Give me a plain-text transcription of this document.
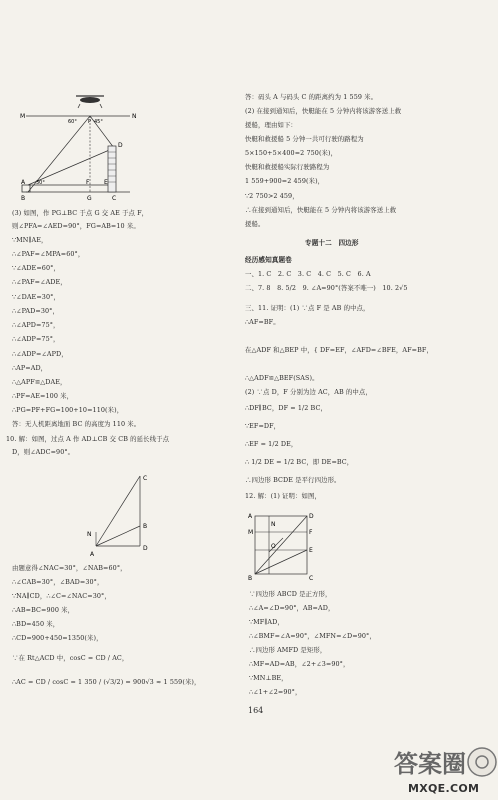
M	N
P
60°	45°
D
A 30°	F E
B	G	C
(3) 如图，作 PG⊥BC 于点 G 交 AE 于点 F，
则∠PFA=∠AED=90°，FG=AB=10 米。
∵MN∥AE，
∴∠PAF=∠MPA=60°，
∵∠ADE=60°，
∴∠PAF=∠ADE，
∵∠DAE=30°，
∴∠PAD=30°，
∴∠APD=75°，
∴∠ADP=75°，
∴∠ADP=∠APD，
∴AP=AD，
∴△APF≌△DAE，
∴PF=AE=100 米，
∴PG=PF+FG=100+10=110(米)，
答：无人机距离地面 BC 的高度为 110 米。
10. 解：如图，过点 A 作 AD⊥CB 交 CB 的延长线于点
D，则∠ADC=90°。
C
B
N
A
D
由题意得∠NAC=30°，∠NAB=60°，
∴∠CAB=30°，∠BAD=30°，
∵NA∥CD，∴∠C=∠NAC=30°，
∴AB=BC=900 米，
∴BD=450 米，
∴CD=900+450=1350(米)，
∵在 Rt△ACD 中，cosC = CD / AC，
∴AC = CD / cosC = 1 350 / (√3/2) = 900√3 ≈ 1 559(米)，
答：码头 A 与码头 C 的距离约为 1 559 米。
(2) 在接到通知后，快艇能在 5 分钟内将该游客送上救
援船，理由如下：
快艇和救援船 5 分钟一共可行驶的路程为
5×150+5×400=2 750(米)，
快艇和救援船实际行驶路程为
1 559+900=2 459(米)，
∵2 750>2 459，
∴在接到通知后，快艇能在 5 分钟内将该游客送上救
援船。
专题十二　四边形
经历感知真题卷
一、1. C　2. C　3. C　4. C　5. C　6. A
二、7. 8　8. 5/2　9. ∠A=90°(答案不唯一)　10. 2√5
三、11. 证明：(1) ∵点 F 是 AB 的中点，
∴AF=BF。
在△ADF 和△BEP 中，{ DF=EF，∠AFD=∠BFE，AF=BF，
∴△ADF≌△BEF(SAS)。
(2) ∵点 D，F 分别为边 AC，AB 的中点，
∴DF∥BC，DF = 1/2 BC，
∵EF=DF，
∴EF = 1/2 DE，
∴ 1/2 DE = 1/2 BC，即 DE=BC，
∴四边形 BCDE 是平行四边形。
12. 解：(1) 证明：如图，
A
M
D
N
E
F
O
B	C
∵四边形 ABCD 是正方形，
∴∠A=∠D=90°，AB=AD，
∵MF∥AD，
∴∠BMF=∠A=90°，∠MFN=∠D=90°，
∴四边形 AMFD 是矩形，
∴MF=AD=AB，∠2+∠3=90°，
∵MN⊥BE，
∴∠1+∠2=90°，
164
答案圈
MXQE.COM
